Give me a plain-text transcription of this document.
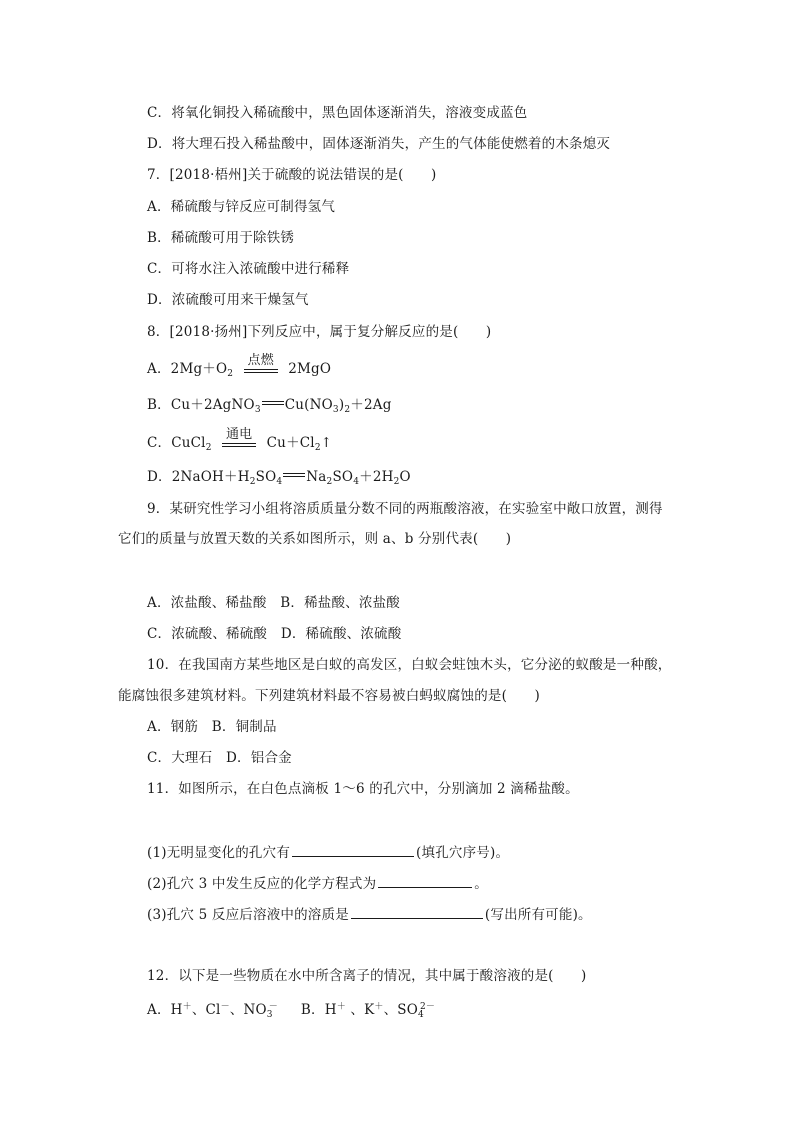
C．将氧化铜投入稀硫酸中，黑色固体逐渐消失，溶液变成蓝色
D．将大理石投入稀盐酸中，固体逐渐消失，产生的气体能使燃着的木条熄灭
7．[2018·梧州]关于硫酸的说法错误的是(　　)
A．稀硫酸与锌反应可制得氢气
B．稀硫酸可用于除铁锈
C．可将水注入浓硫酸中进行稀释
D．浓硫酸可用来干燥氢气
8．[2018·扬州]下列反应中，属于复分解反应的是(　　)
A．$2Mg+O_2$
点燃
2MgO
B．Cu＋2AgNO$_3$ $Cu(NO_3)_2+2Ag$
C．CuCl$_2$
通电
$Cu+Cl_2↑$
D．$2NaOH+H_2SO_4$ $Na_2SO_4+2H_2O$
9．某研究性学习小组将溶质质量分数不同的两瓶酸溶液，在实验室中敞口放置，测得
它们的质量与放置天数的关系如图所示，则 a、b 分别代表(　　)
A．浓盐酸、稀盐酸　B．稀盐酸、浓盐酸
C．浓硫酸、稀硫酸　D．稀硫酸、浓硫酸
10．在我国南方某些地区是白蚁的高发区，白蚁会蛀蚀木头，它分泌的蚁酸是一种酸，
能腐蚀很多建筑材料。下列建筑材料最不容易被白蚂蚁腐蚀的是(　　)
A．钢筋　B．铜制品
C．大理石　D．铝合金
11．如图所示，在白色点滴板 1～6 的孔穴中，分别滴加 2 滴稀盐酸。
(1)无明显变化的孔穴有	(填孔穴序号)。
(2)孔穴 3 中发生反应的化学方程式为	。
(3)孔穴 5 反应后溶液中的溶质是	(写出所有可能)。
12．以下是一些物质在水中所含离子的情况，其中属于酸溶液的是(　　)
A．H＋、Cl－、$NO_3^-$ B．H＋ 、K＋、$SO_4^{2-}$
